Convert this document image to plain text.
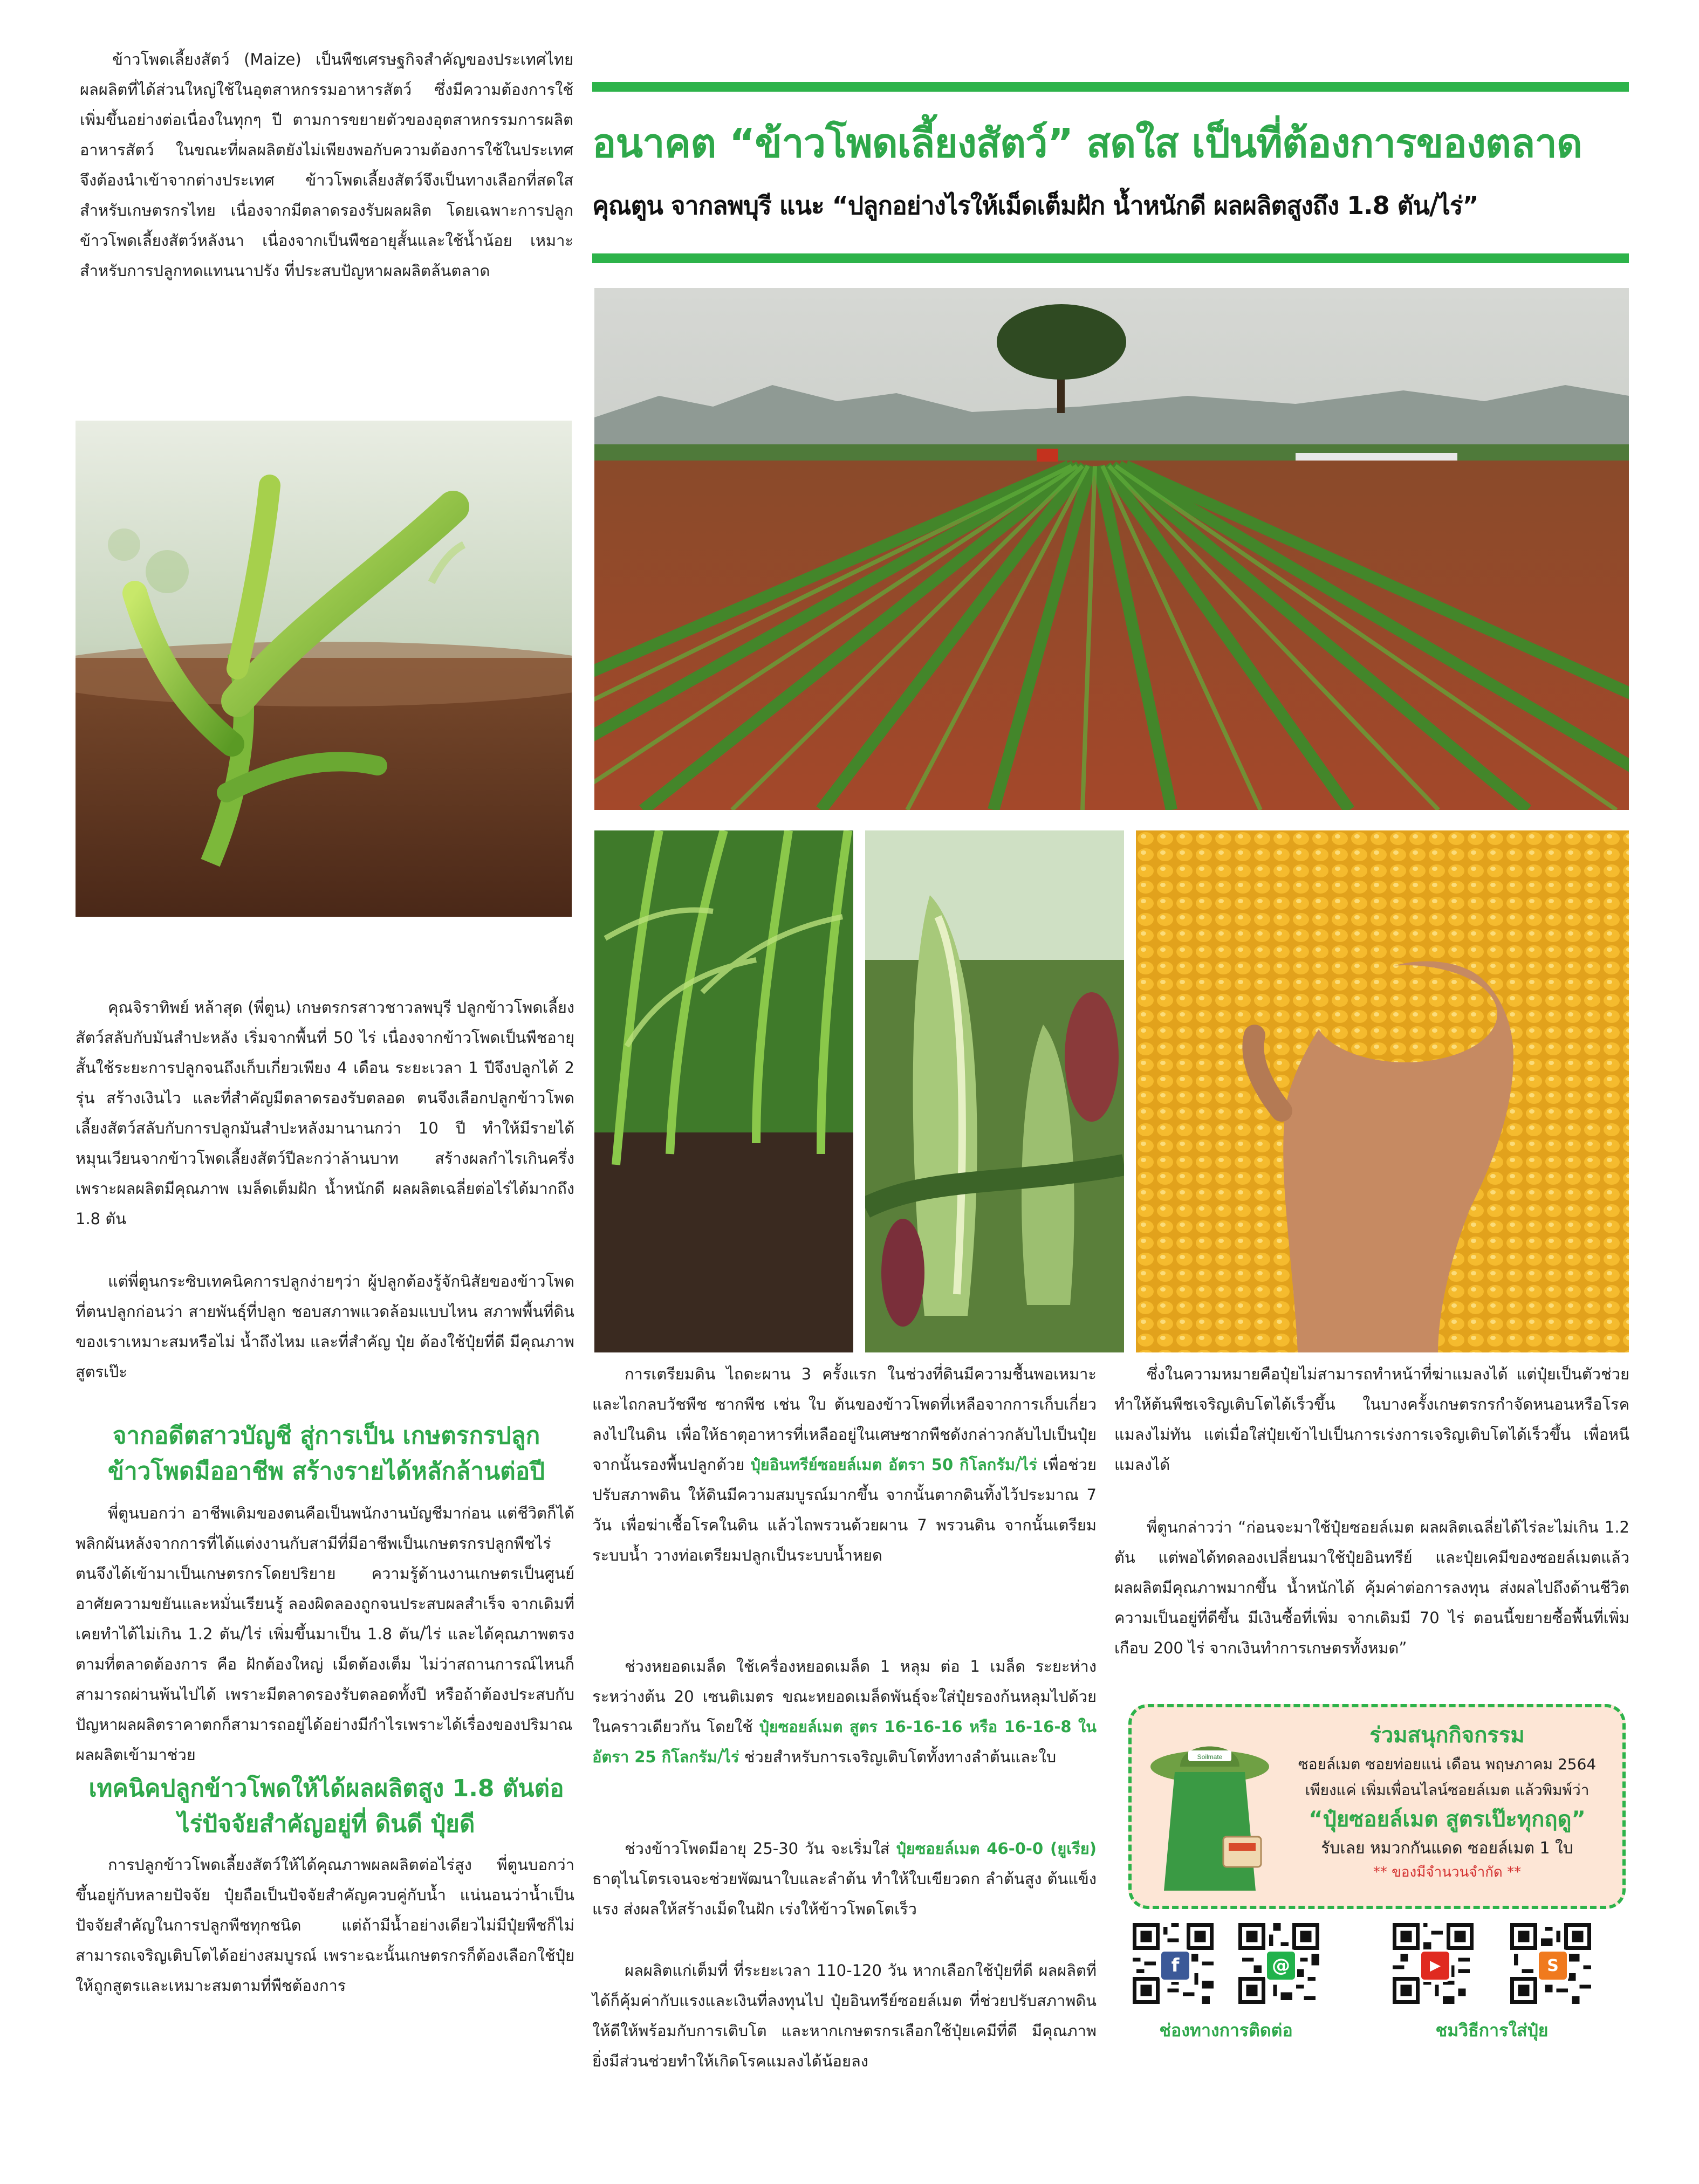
ข้าวโพดเลี้ยงสัตว์ (Maize) เป็นพืชเศรษฐกิจสำคัญของประเทศไทย ผลผลิตที่ได้ส่วนใหญ่ใช้ในอุตสาหกรรมอาหารสัตว์ ซึ่งมีความต้องการใช้เพิ่มขึ้นอย่างต่อเนื่องในทุกๆ ปี ตามการขยายตัวของอุตสาหกรรมการผลิตอาหารสัตว์ ในขณะที่ผลผลิตยังไม่เพียงพอกับความต้องการใช้ในประเทศ จึงต้องนำเข้าจากต่างประเทศ ข้าวโพดเลี้ยงสัตว์จึงเป็นทางเลือกที่สดใสสำหรับเกษตรกรไทย เนื่องจากมีตลาดรองรับผลผลิต โดยเฉพาะการปลูกข้าวโพดเลี้ยงสัตว์หลังนา เนื่องจากเป็นพืชอายุสั้นและใช้น้ำน้อย เหมาะสำหรับการปลูกทดแทนนาปรัง ที่ประสบปัญหาผลผลิตล้นตลาด

คุณจิราทิพย์ หล้าสุด (พี่ตูน) เกษตรกรสาวชาวลพบุรี ปลูกข้าวโพดเลี้ยงสัตว์สลับกับมันสำปะหลัง เริ่มจากพื้นที่ 50 ไร่ เนื่องจากข้าวโพดเป็นพืชอายุสั้นใช้ระยะการปลูกจนถึงเก็บเกี่ยวเพียง 4 เดือน ระยะเวลา 1 ปีจึงปลูกได้ 2 รุ่น สร้างเงินไว และที่สำคัญมีตลาดรองรับตลอด ตนจึงเลือกปลูกข้าวโพดเลี้ยงสัตว์สลับกับการปลูกมันสำปะหลังมานานกว่า 10 ปี ทำให้มีรายได้หมุนเวียนจากข้าวโพดเลี้ยงสัตว์ปีละกว่าล้านบาท สร้างผลกำไรเกินครึ่ง เพราะผลผลิตมีคุณภาพ เมล็ดเต็มฝัก น้ำหนักดี ผลผลิตเฉลี่ยต่อไร่ได้มากถึง 1.8 ตัน

แต่พี่ตูนกระซิบเทคนิคการปลูกง่ายๆว่า ผู้ปลูกต้องรู้จักนิสัยของข้าวโพดที่ตนปลูกก่อนว่า สายพันธุ์ที่ปลูก ชอบสภาพแวดล้อมแบบไหน สภาพพื้นที่ดินของเราเหมาะสมหรือไม่ น้ำถึงไหม และที่สำคัญ ปุ๋ย ต้องใช้ปุ๋ยที่ดี มีคุณภาพ สูตรเป๊ะ

จากอดีตสาวบัญชี สู่การเป็น เกษตรกรปลูกข้าวโพดมืออาชีพ สร้างรายได้หลักล้านต่อปี

พี่ตูนบอกว่า อาชีพเดิมของตนคือเป็นพนักงานบัญชีมาก่อน แต่ชีวิตก็ได้พลิกผันหลังจากการที่ได้แต่งงานกับสามีที่มีอาชีพเป็นเกษตรกรปลูกพืชไร่ ตนจึงได้เข้ามาเป็นเกษตรกรโดยปริยาย ความรู้ด้านงานเกษตรเป็นศูนย์ อาศัยความขยันและหมั่นเรียนรู้ ลองผิดลองถูกจนประสบผลสำเร็จ จากเดิมที่เคยทำได้ไม่เกิน 1.2 ตัน/ไร่ เพิ่มขึ้นมาเป็น 1.8 ตัน/ไร่ และได้คุณภาพตรงตามที่ตลาดต้องการ คือ ฝักต้องใหญ่ เม็ดต้องเต็ม ไม่ว่าสถานการณ์ไหนก็สามารถผ่านพ้นไปได้ เพราะมีตลาดรองรับตลอดทั้งปี หรือถ้าต้องประสบกับปัญหาผลผลิตราคาตกก็สามารถอยู่ได้อย่างมีกำไรเพราะได้เรื่องของปริมาณผลผลิตเข้ามาช่วย

เทคนิคปลูกข้าวโพดให้ได้ผลผลิตสูง 1.8 ตันต่อไร่ปัจจัยสำคัญอยู่ที่ ดินดี ปุ๋ยดี

การปลูกข้าวโพดเลี้ยงสัตว์ให้ได้คุณภาพผลผลิตต่อไร่สูง พี่ตูนบอกว่า ขึ้นอยู่กับหลายปัจจัย ปุ๋ยถือเป็นปัจจัยสำคัญควบคู่กับน้ำ แน่นอนว่าน้ำเป็นปัจจัยสำคัญในการปลูกพืชทุกชนิด แต่ถ้ามีน้ำอย่างเดียวไม่มีปุ๋ยพืชก็ไม่สามารถเจริญเติบโตได้อย่างสมบูรณ์ เพราะฉะนั้นเกษตรกรก็ต้องเลือกใช้ปุ๋ยให้ถูกสูตรและเหมาะสมตามที่พืชต้องการ

อนาคต “ข้าวโพดเลี้ยงสัตว์” สดใส เป็นที่ต้องการของตลาด
คุณตูน จากลพบุรี แนะ “ปลูกอย่างไรให้เม็ดเต็มฝัก น้ำหนักดี ผลผลิตสูงถึง 1.8 ตัน/ไร่”

การเตรียมดิน ไถดะผาน 3 ครั้งแรก ในช่วงที่ดินมีความชื้นพอเหมาะและไถกลบวัชพืช ซากพืช เช่น ใบ ต้นของข้าวโพดที่เหลือจากการเก็บเกี่ยวลงไปในดิน เพื่อให้ธาตุอาหารที่เหลืออยู่ในเศษซากพืชดังกล่าวกลับไปเป็นปุ๋ย จากนั้นรองพื้นปลูกด้วย ปุ๋ยอินทรีย์ซอยล์เมต อัตรา 50 กิโลกรัม/ไร่ เพื่อช่วยปรับสภาพดิน ให้ดินมีความสมบูรณ์มากขึ้น จากนั้นตากดินทิ้งไว้ประมาณ 7 วัน เพื่อฆ่าเชื้อโรคในดิน แล้วไถพรวนด้วยผาน 7 พรวนดิน จากนั้นเตรียมระบบน้ำ วางท่อเตรียมปลูกเป็นระบบน้ำหยด

ช่วงหยอดเมล็ด ใช้เครื่องหยอดเมล็ด 1 หลุม ต่อ 1 เมล็ด ระยะห่างระหว่างต้น 20 เซนติเมตร ขณะหยอดเมล็ดพันธุ์จะใส่ปุ๋ยรองก้นหลุมไปด้วยในคราวเดียวกัน โดยใช้ ปุ๋ยซอยล์เมต สูตร 16-16-16 หรือ 16-16-8 ในอัตรา 25 กิโลกรัม/ไร่ ช่วยสำหรับการเจริญเติบโตทั้งทางลำต้นและใบ

ช่วงข้าวโพดมีอายุ 25-30 วัน จะเริ่มใส่ ปุ๋ยซอยล์เมต 46-0-0 (ยูเรีย) ธาตุไนโตรเจนจะช่วยพัฒนาใบและลำต้น ทำให้ใบเขียวดก ลำต้นสูง ต้นแข็งแรง ส่งผลให้สร้างเม็ดในฝัก เร่งให้ข้าวโพดโตเร็ว

ผลผลิตแก่เต็มที่ ที่ระยะเวลา 110-120 วัน หากเลือกใช้ปุ๋ยที่ดี ผลผลิตที่ได้ก็คุ้มค่ากับแรงและเงินที่ลงทุนไป ปุ๋ยอินทรีย์ซอยล์เมต ที่ช่วยปรับสภาพดินให้ดีให้พร้อมกับการเติบโต และหากเกษตรกรเลือกใช้ปุ๋ยเคมีที่ดี มีคุณภาพ ยิ่งมีส่วนช่วยทำให้เกิดโรคแมลงได้น้อยลง

ซึ่งในความหมายคือปุ๋ยไม่สามารถทำหน้าที่ฆ่าแมลงได้ แต่ปุ๋ยเป็นตัวช่วยทำให้ต้นพืชเจริญเติบโตได้เร็วขึ้น ในบางครั้งเกษตรกรกำจัดหนอนหรือโรคแมลงไม่ทัน แต่เมื่อใส่ปุ๋ยเข้าไปเป็นการเร่งการเจริญเติบโตได้เร็วขึ้น เพื่อหนีแมลงได้

พี่ตูนกล่าวว่า “ก่อนจะมาใช้ปุ๋ยซอยล์เมต ผลผลิตเฉลี่ยได้ไร่ละไม่เกิน 1.2 ตัน แต่พอได้ทดลองเปลี่ยนมาใช้ปุ๋ยอินทรีย์ และปุ๋ยเคมีของซอยล์เมตแล้ว ผลผลิตมีคุณภาพมากขึ้น น้ำหนักได้ คุ้มค่าต่อการลงทุน ส่งผลไปถึงด้านชีวิตความเป็นอยู่ที่ดีขึ้น มีเงินซื้อที่เพิ่ม จากเดิมมี 70 ไร่ ตอนนี้ขยายซื้อพื้นที่เพิ่มเกือบ 200 ไร่ จากเงินทำการเกษตรทั้งหมด”

Soilmate
ร่วมสนุกกิจกรรม
ซอยล์เมต ซอยท่อยแน่ เดือน พฤษภาคม 2564
เพียงแค่ เพิ่มเพื่อนไลน์ซอยล์เมต แล้วพิมพ์ว่า
“ปุ๋ยซอยล์เมต สูตรเป๊ะทุกฤดู”
รับเลย หมวกกันแดด ซอยล์เมต 1 ใบ
** ของมีจำนวนจำกัด **
f	@	▶	S
ช่องทางการติดต่อ	ชมวิธีการใส่ปุ๋ย
